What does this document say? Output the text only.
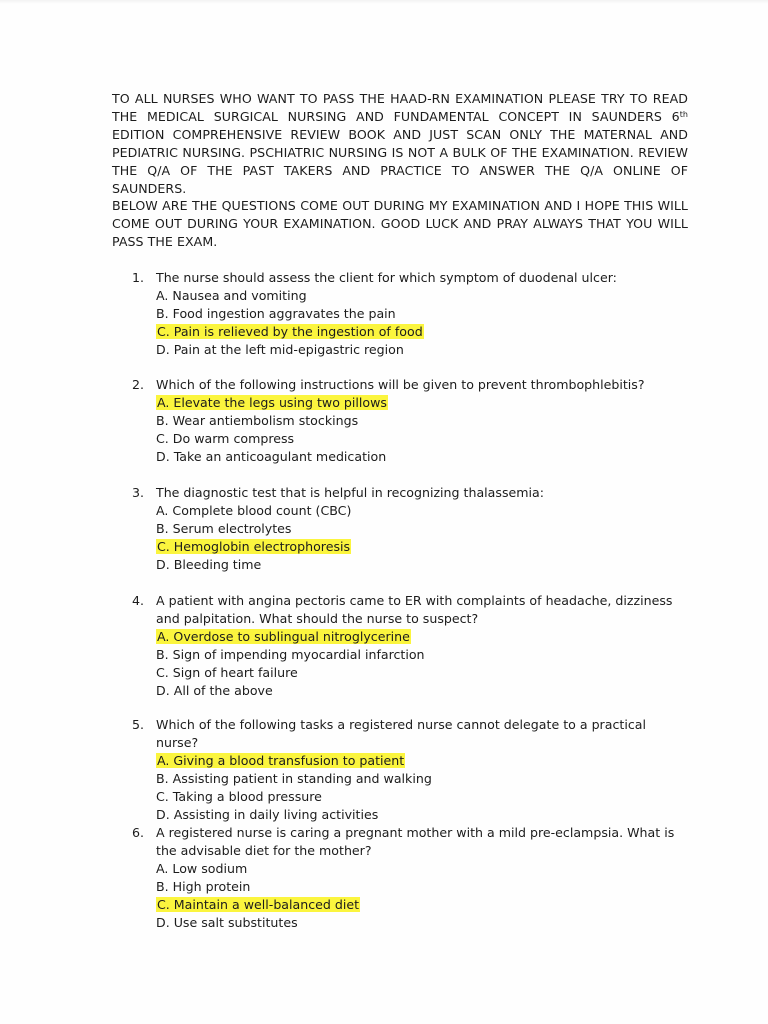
TO ALL NURSES WHO WANT TO PASS THE HAAD-RN EXAMINATION PLEASE TRY TO READ THE MEDICAL SURGICAL NURSING AND FUNDAMENTAL CONCEPT IN SAUNDERS 6th EDITION COMPREHENSIVE REVIEW BOOK AND JUST SCAN ONLY THE MATERNAL AND PEDIATRIC NURSING. PSCHIATRIC NURSING IS NOT A BULK OF THE EXAMINATION. REVIEW THE Q/A OF THE PAST TAKERS AND PRACTICE TO ANSWER THE Q/A ONLINE OF SAUNDERS.

BELOW ARE THE QUESTIONS COME OUT DURING MY EXAMINATION AND I HOPE THIS WILL COME OUT DURING YOUR EXAMINATION. GOOD LUCK AND PRAY ALWAYS THAT YOU WILL PASS THE EXAM.

1. The nurse should assess the client for which symptom of duodenal ulcer:
A. Nausea and vomiting
B. Food ingestion aggravates the pain
C. Pain is relieved by the ingestion of food
D. Pain at the left mid-epigastric region
2. Which of the following instructions will be given to prevent thrombophlebitis?
A. Elevate the legs using two pillows
B. Wear antiembolism stockings
C. Do warm compress
D. Take an anticoagulant medication
3. The diagnostic test that is helpful in recognizing thalassemia:
A. Complete blood count (CBC)
B. Serum electrolytes
C. Hemoglobin electrophoresis
D. Bleeding time
4. A patient with angina pectoris came to ER with complaints of headache, dizziness and palpitation. What should the nurse to suspect?
A. Overdose to sublingual nitroglycerine
B. Sign of impending myocardial infarction
C. Sign of heart failure
D. All of the above
5. Which of the following tasks a registered nurse cannot delegate to a practical nurse?
A. Giving a blood transfusion to patient
B. Assisting patient in standing and walking
C. Taking a blood pressure
D. Assisting in daily living activities
6. A registered nurse is caring a pregnant mother with a mild pre-eclampsia. What is the advisable diet for the mother?
A. Low sodium
B. High protein
C. Maintain a well-balanced diet
D. Use salt substitutes
